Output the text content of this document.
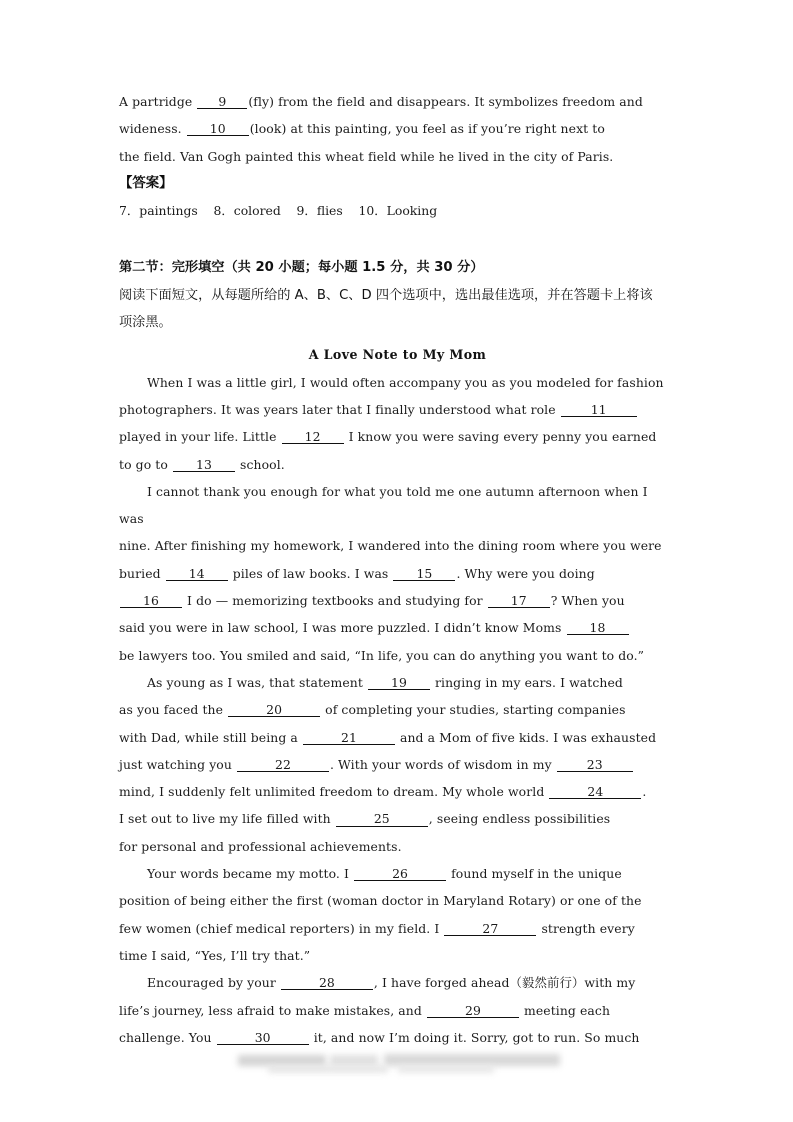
A partridge 9 (fly) from the field and disappears. It symbolizes freedom and
wideness. 10 (look) at this painting, you feel as if you’re right next to
the field. Van Gogh painted this wheat field while he lived in the city of Paris.
【答案】
7．paintings    8．colored    9．flies    10．Looking
第二节：完形填空（共 20 小题；每小题 1.5 分，共 30 分）
阅读下面短文，从每题所给的 A、B、C、D 四个选项中，选出最佳选项，并在答题卡上将该
项涂黑。
A Love Note to My Mom
When I was a little girl, I would often accompany you as you modeled for fashion
photographers. It was years later that I finally understood what role	11
played in your life. Little 12 I know you were saving every penny you earned
to go to 13 school.
I cannot thank you enough for what you told me one autumn afternoon when I was
nine. After finishing my homework, I wandered into the dining room where you were
buried 14 piles of law books. I was 15 . Why were you doing
16 I do — memorizing textbooks and studying for 17 ? When you
said you were in law school, I was more puzzled. I didn’t know Moms 18
be lawyers too. You smiled and said, “In life, you can do anything you want to do.”
As young as I was, that statement 19 ringing in my ears. I watched
as you faced the	20	of completing your studies, starting companies
with Dad, while still being a	21	and a Mom of five kids. I was exhausted
just watching you	22	. With your words of wisdom in my	23
mind, I suddenly felt unlimited freedom to dream. My whole world	24	.
I set out to live my life filled with	25	, seeing endless possibilities
for personal and professional achievements.
Your words became my motto. I	26	found myself in the unique
position of being either the first (woman doctor in Maryland Rotary) or one of the
few women (chief medical reporters) in my field. I	27	strength every
time I said, “Yes, I’ll try that.”
Encouraged by your	28	, I have forged ahead（毅然前行）with my
life’s journey, less afraid to make mistakes, and	29	meeting each
challenge. You	30	it, and now I’m doing it. Sorry, got to run. So much
